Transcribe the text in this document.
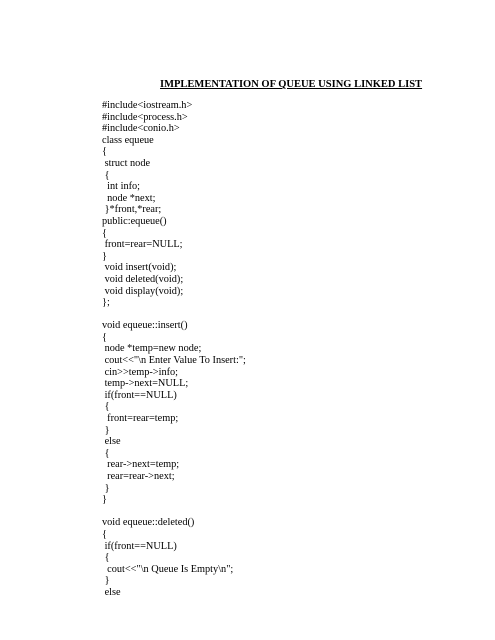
IMPLEMENTATION OF QUEUE USING LINKED LIST
#include<iostream.h>
#include<process.h>
#include<conio.h>
class equeue
{
struct node
{
int info;
node *next;
}*front,*rear;
public:equeue()
{
front=rear=NULL;
}
void insert(void);
void deleted(void);
void display(void);
};
void equeue::insert()
{
node *temp=new node;
cout<<"\n Enter Value To Insert:";
cin>>temp->info;
temp->next=NULL;
if(front==NULL)
{
front=rear=temp;
}
else
{
rear->next=temp;
rear=rear->next;
}
}
void equeue::deleted()
{
if(front==NULL)
{
cout<<"\n Queue Is Empty\n";
}
else
